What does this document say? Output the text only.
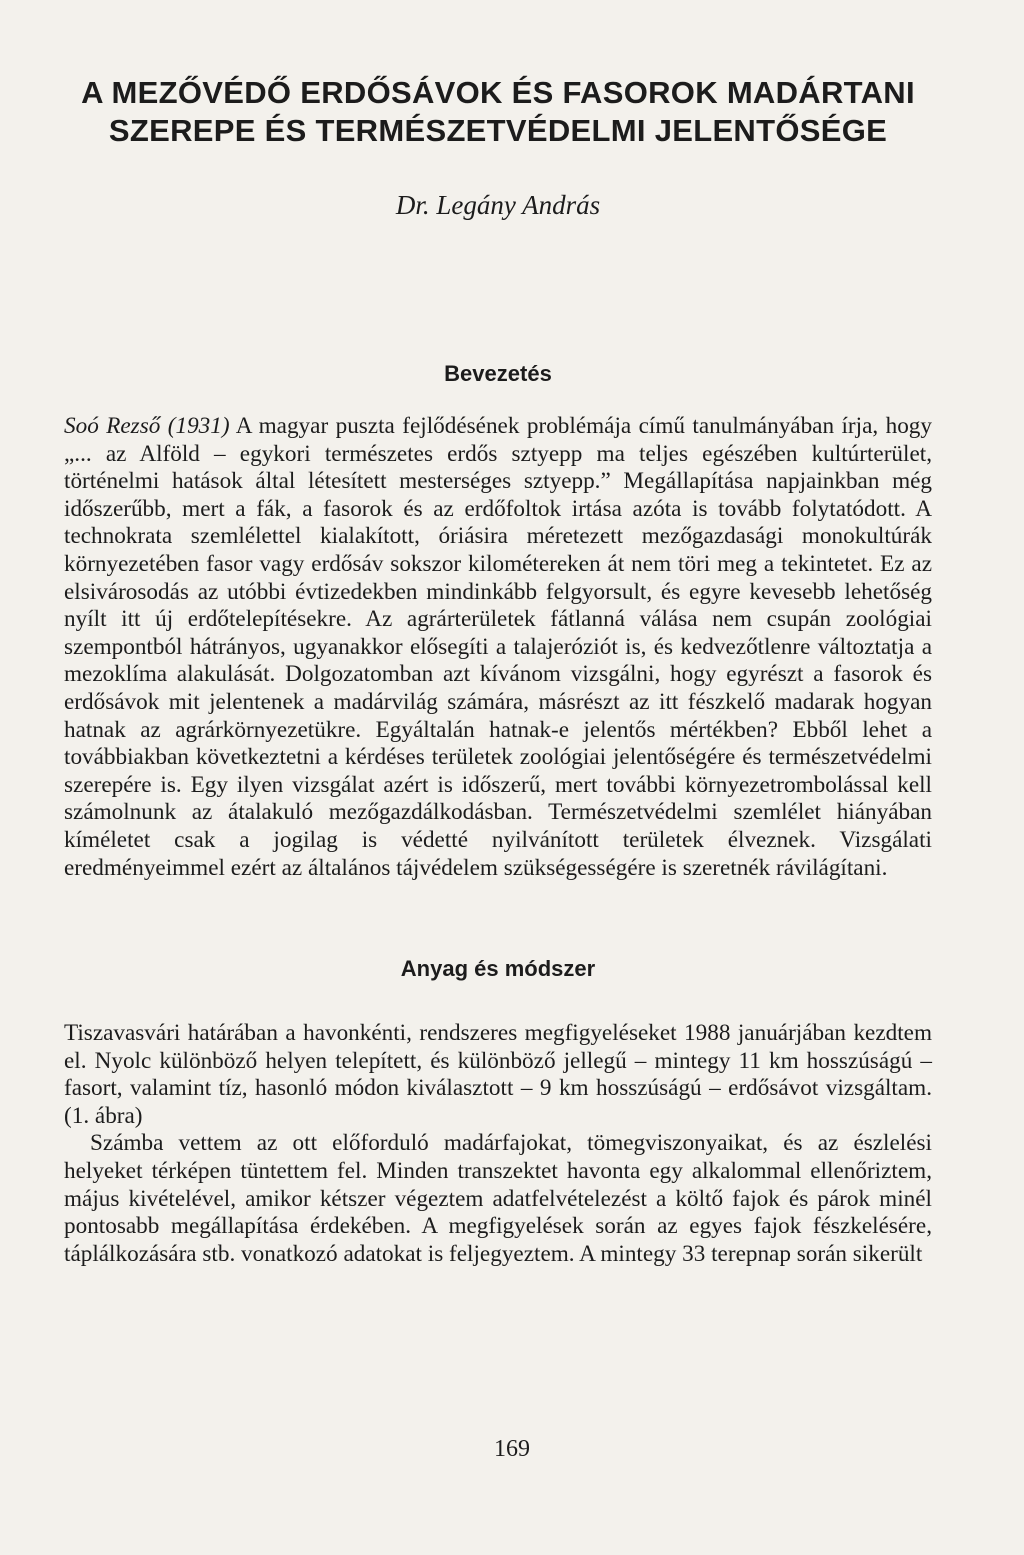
A MEZŐVÉDŐ ERDŐSÁVOK ÉS FASOROK MADÁRTANI
SZEREPE ÉS TERMÉSZETVÉDELMI JELENTŐSÉGE
Dr. Legány András
Bevezetés

Soó Rezső (1931) A magyar puszta fejlődésének problémája című tanulmányában írja, hogy „... az Alföld – egykori természetes erdős sztyepp ma teljes egészében kultúrterület, történelmi hatások által létesített mesterséges sztyepp.” Megállapítása napjainkban még időszerűbb, mert a fák, a fasorok és az erdőfoltok irtása azóta is tovább folytatódott. A technokrata szemlélettel kialakított, óriásira méretezett mezőgazdasági monokultúrák környezetében fasor vagy erdősáv sokszor kilométereken át nem töri meg a tekintetet. Ez az elsivárosodás az utóbbi évtizedekben mindinkább felgyorsult, és egyre kevesebb lehetőség nyílt itt új erdőtelepítésekre. Az agrárterületek fátlanná válása nem csupán zoológiai szempontból hátrányos, ugyanakkor elősegíti a talajeróziót is, és kedvezőtlenre változtatja a mezoklíma alakulását. Dolgozatomban azt kívánom vizsgálni, hogy egyrészt a fasorok és erdősávok mit jelentenek a madárvilág számára, másrészt az itt fészkelő madarak hogyan hatnak az agrárkörnyezetükre. Egyáltalán hatnak-e jelentős mértékben? Ebből lehet a továbbiakban következtetni a kérdéses területek zoológiai jelentőségére és természetvédelmi szerepére is. Egy ilyen vizsgálat azért is időszerű, mert további környezetrombolással kell számolnunk az átalakuló mezőgazdálkodásban. Természetvédelmi szemlélet hiányában kíméletet csak a jogilag is védetté nyilvánított területek élveznek. Vizsgálati eredményeimmel ezért az általános tájvédelem szükségességére is szeretnék rávilágítani.

Anyag és módszer

Tiszavasvári határában a havonkénti, rendszeres megfigyeléseket 1988 januárjában kezdtem el. Nyolc különböző helyen telepített, és különböző jellegű – mintegy 11 km hosszúságú – fasort, valamint tíz, hasonló módon kiválasztott – 9 km hosszúságú – erdősávot vizsgáltam. (1. ábra)

Számba vettem az ott előforduló madárfajokat, tömegviszonyaikat, és az észlelési helyeket térképen tüntettem fel. Minden transzektet havonta egy alkalommal ellenőriztem, május kivételével, amikor kétszer végeztem adatfelvételezést a költő fajok és párok minél pontosabb megállapítása érdekében. A megfigyelések során az egyes fajok fészkelésére, táplálkozására stb. vonatkozó adatokat is feljegyeztem. A mintegy 33 terepnap során sikerült

169
